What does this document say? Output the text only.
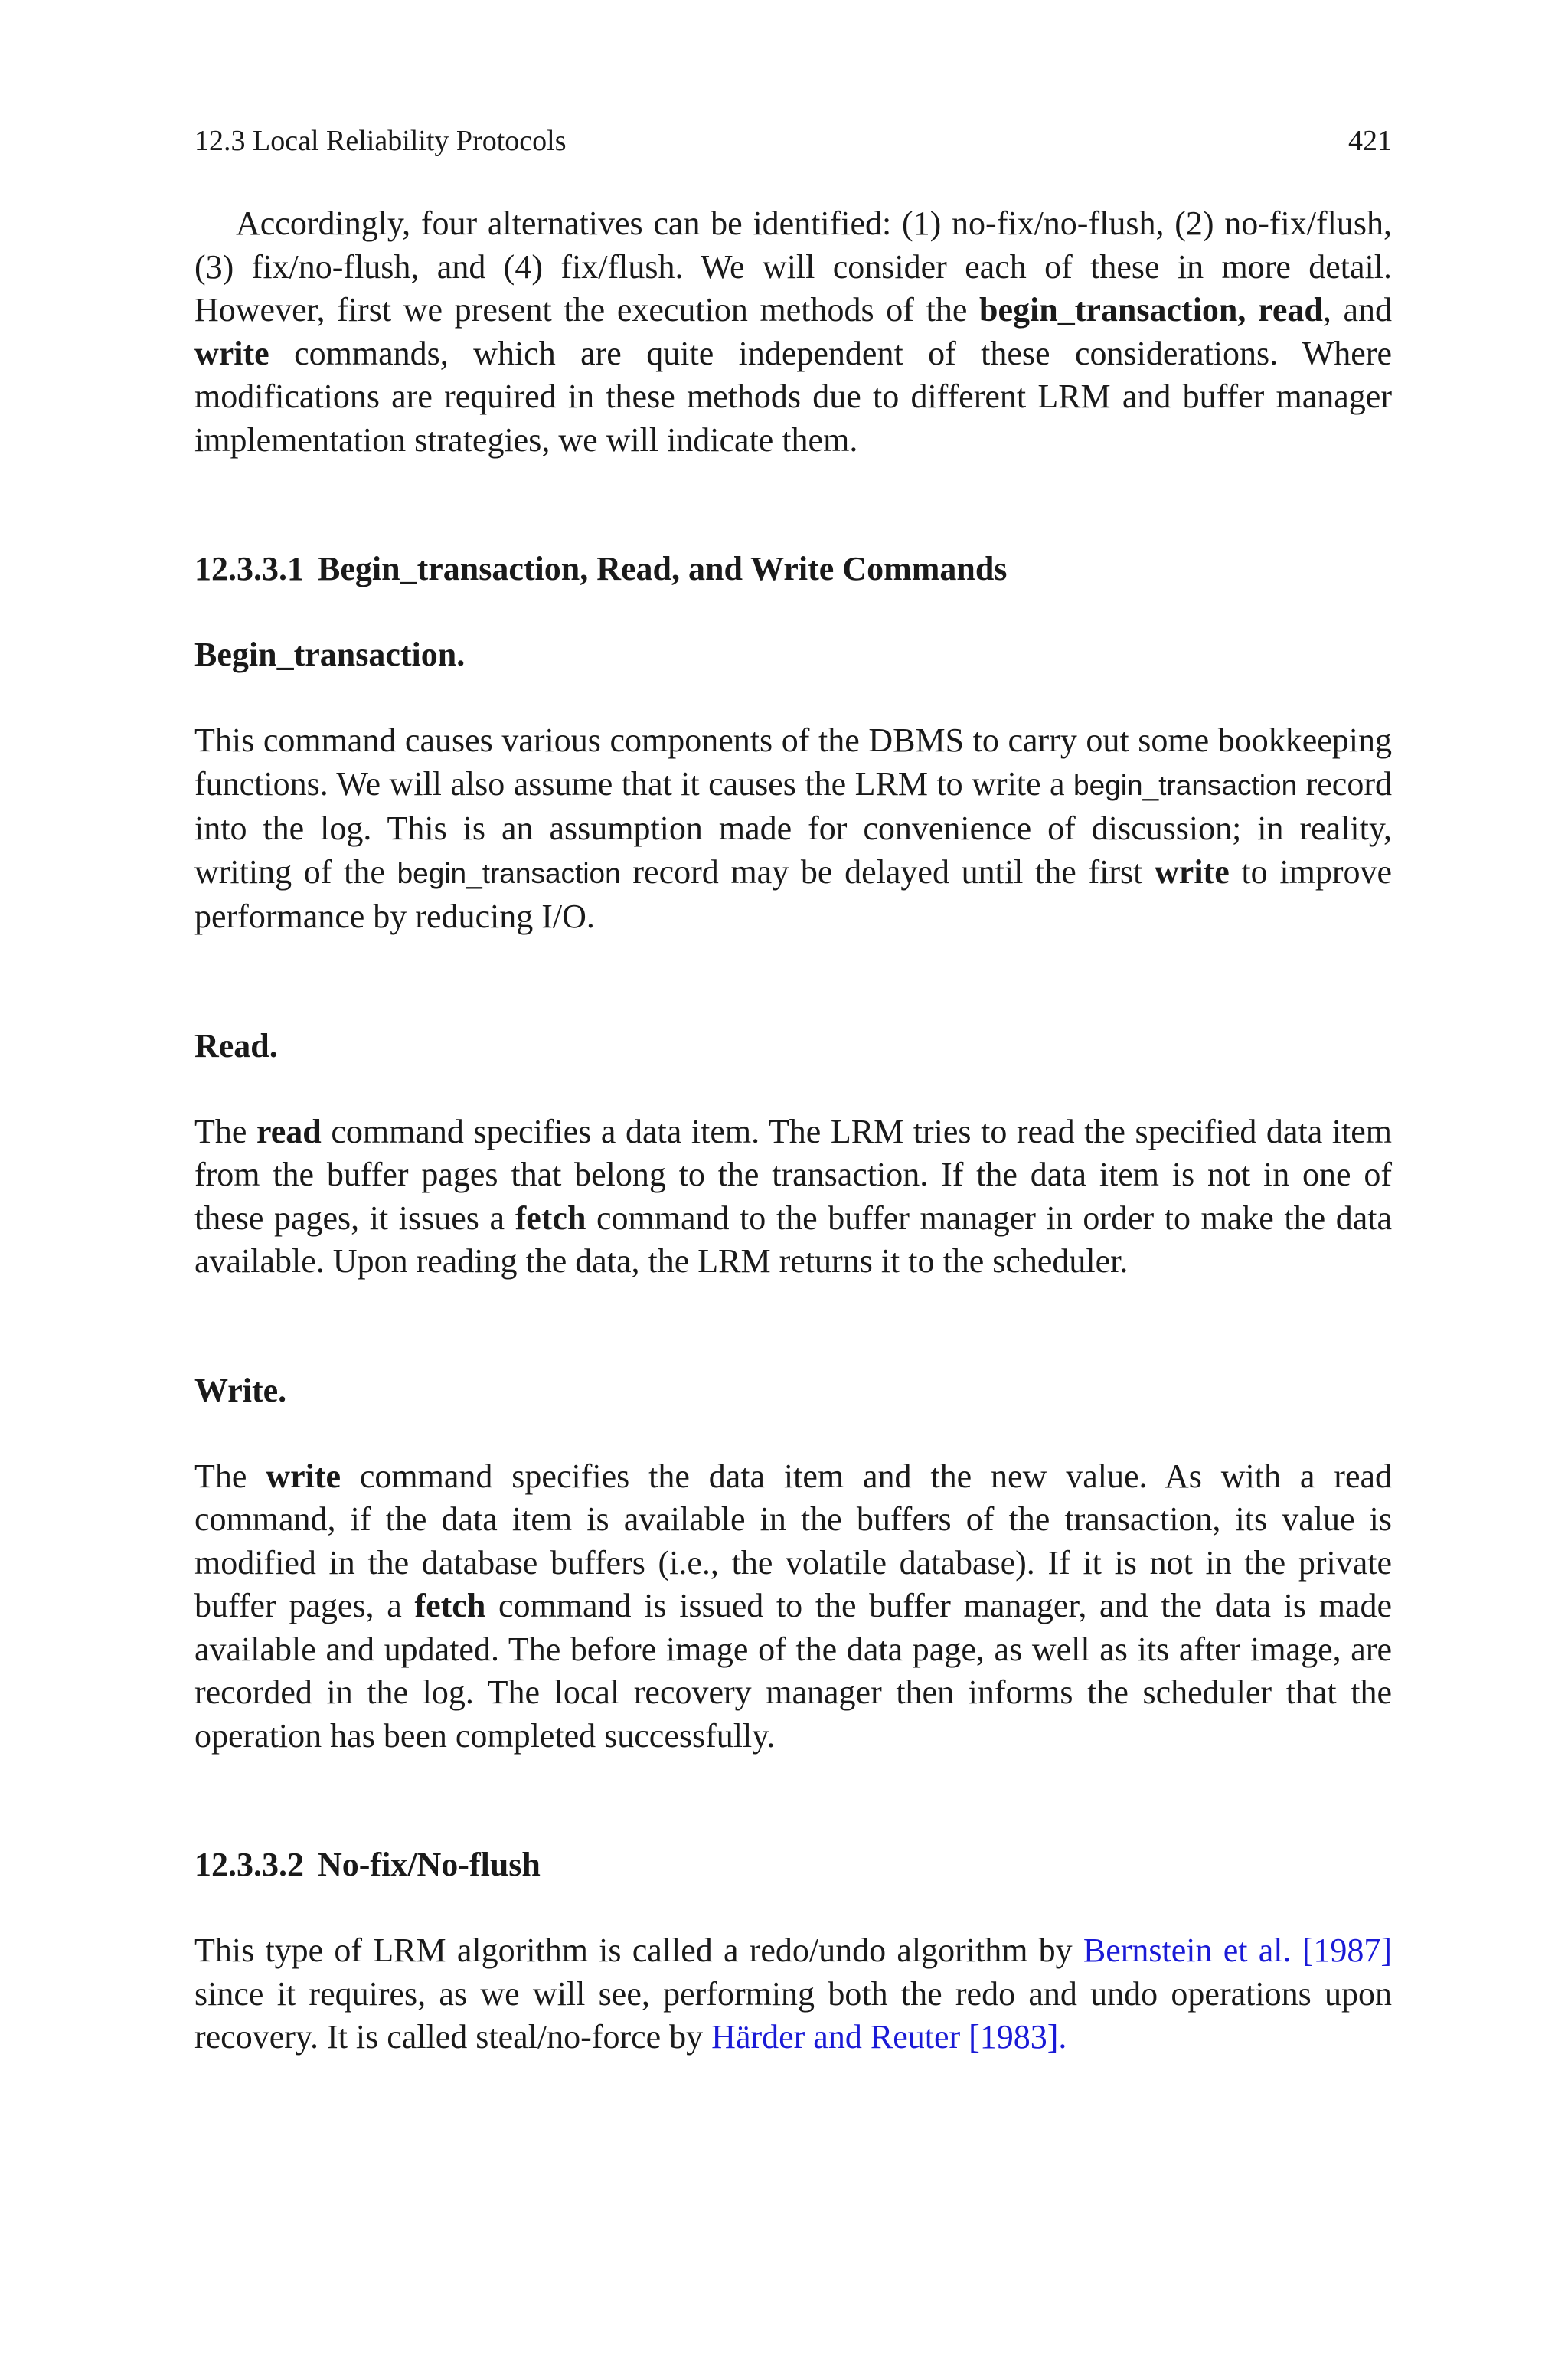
12.3 Local Reliability Protocols	421

Accordingly, four alternatives can be identified: (1) no-fix/no-flush, (2) no-fix/flush, (3) fix/no-flush, and (4) fix/flush. We will consider each of these in more detail. However, first we present the execution methods of the begin_transaction, read, and write commands, which are quite independent of these considerations. Where modifications are required in these methods due to different LRM and buffer manager implementation strategies, we will indicate them.

12.3.3.1 Begin_transaction, Read, and Write Commands
Begin_transaction.

This command causes various components of the DBMS to carry out some bookkeeping functions. We will also assume that it causes the LRM to write a begin_transaction record into the log. This is an assumption made for convenience of discussion; in reality, writing of the begin_transaction record may be delayed until the first write to improve performance by reducing I/O.

Read.

The read command specifies a data item. The LRM tries to read the specified data item from the buffer pages that belong to the transaction. If the data item is not in one of these pages, it issues a fetch command to the buffer manager in order to make the data available. Upon reading the data, the LRM returns it to the scheduler.

Write.

The write command specifies the data item and the new value. As with a read command, if the data item is available in the buffers of the transaction, its value is modified in the database buffers (i.e., the volatile database). If it is not in the private buffer pages, a fetch command is issued to the buffer manager, and the data is made available and updated. The before image of the data page, as well as its after image, are recorded in the log. The local recovery manager then informs the scheduler that the operation has been completed successfully.

12.3.3.2 No-fix/No-flush

This type of LRM algorithm is called a redo/undo algorithm by Bernstein et al. [1987] since it requires, as we will see, performing both the redo and undo operations upon recovery. It is called steal/no-force by Härder and Reuter [1983].
